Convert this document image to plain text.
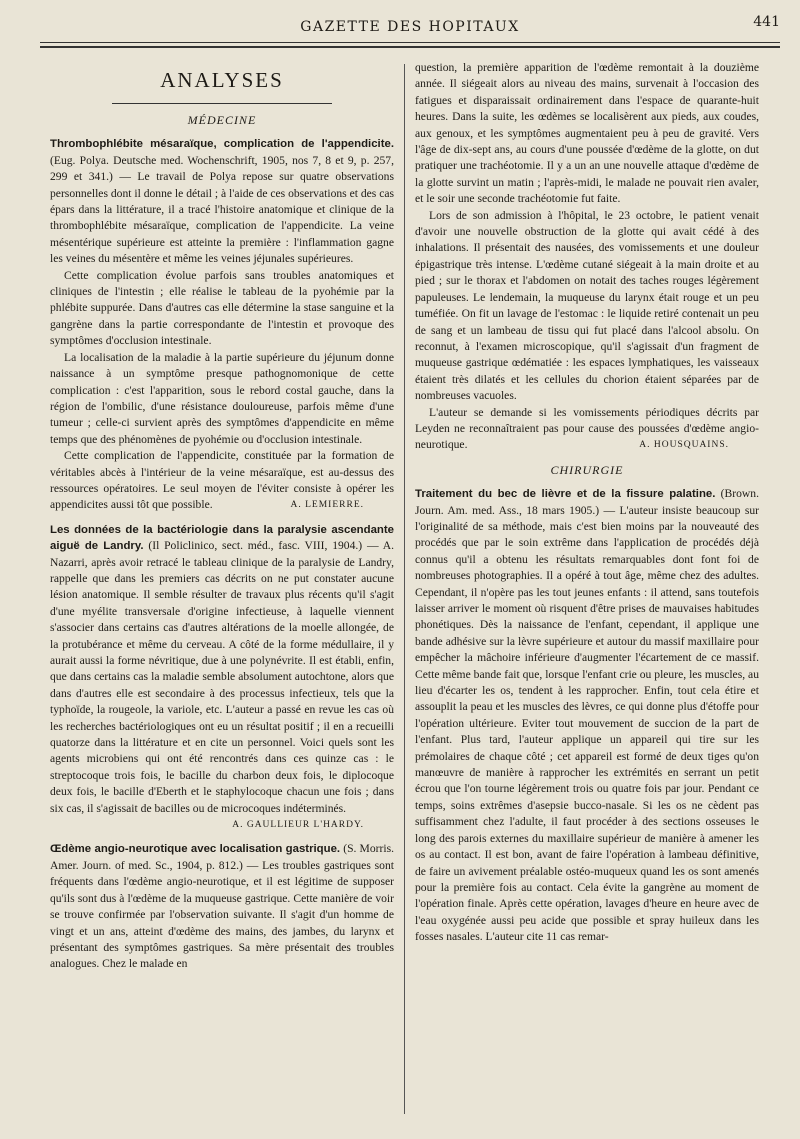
GAZETTE DES HOPITAUX	441
ANALYSES
MÉDECINE

Thrombophlébite mésaraïque, complication de l'appendicite. (Eug. Polya. Deutsche med. Wochenschrift, 1905, nos 7, 8 et 9, p. 257, 299 et 341.) — Le travail de Polya repose sur quatre observations personnelles dont il donne le détail ; à l'aide de ces observations et des cas épars dans la littérature, il a tracé l'histoire anatomique et clinique de la thrombophlébite mésaraïque, complication de l'appendicite. La veine mésentérique supérieure est atteinte la première : l'inflammation gagne les veines du mésentère et même les veines jéjunales supérieures.

Cette complication évolue parfois sans troubles anatomiques et cliniques de l'intestin ; elle réalise le tableau de la pyohémie par la phlébite suppurée. Dans d'autres cas elle détermine la stase sanguine et la gangrène dans la partie correspondante de l'intestin et provoque des symptômes d'occlusion intestinale.

La localisation de la maladie à la partie supérieure du jéjunum donne naissance à un symptôme presque pathognomonique de cette complication : c'est l'apparition, sous le rebord costal gauche, dans la région de l'ombilic, d'une résistance douloureuse, parfois même d'une tumeur ; celle-ci survient après des symptômes d'appendicite en même temps que des phénomènes de pyohémie ou d'occlusion intestinale.

Cette complication de l'appendicite, constituée par la formation de véritables abcès à l'intérieur de la veine mésaraïque, est au-dessus des ressources opératoires. Le seul moyen de l'éviter consiste à opérer les appendicites aussi tôt que possible.	A. LEMIERRE.

Les données de la bactériologie dans la paralysie ascendante aiguë de Landry. (Il Policlinico, sect. méd., fasc. VIII, 1904.) — A. Nazarri, après avoir retracé le tableau clinique de la paralysie de Landry, rappelle que dans les premiers cas décrits on ne put constater aucune lésion anatomique. Il semble résulter de travaux plus récents qu'il s'agit d'une myélite transversale d'origine infectieuse, à laquelle viennent s'associer dans certains cas d'autres altérations de la moelle allongée, de la protubérance et même du cerveau. A côté de la forme médullaire, il y aurait aussi la forme névritique, due à une polynévrite. Il est établi, enfin, que dans certains cas la maladie semble absolument autochtone, alors que dans d'autres elle est secondaire à des processus infectieux, tels que la typhoïde, la rougeole, la variole, etc. L'auteur a passé en revue les cas où les recherches bactériologiques ont eu un résultat positif ; il en a recueilli quatorze dans la littérature et en cite un personnel. Voici quels sont les agents microbiens qui ont été rencontrés dans ces quinze cas : le streptocoque trois fois, le bacille du charbon deux fois, le diplocoque deux fois, le bacille d'Eberth et le staphylocoque chacun une fois ; dans six cas, il s'agissait de bacilles ou de microcoques indéterminés.
A. GAULLIEUR L'HARDY.

Œdème angio-neurotique avec localisation gastrique. (S. Morris. Amer. Journ. of med. Sc., 1904, p. 812.) — Les troubles gastriques sont fréquents dans l'œdème angio-neurotique, et il est légitime de supposer qu'ils sont dus à l'œdème de la muqueuse gastrique. Cette manière de voir se trouve confirmée par l'observation suivante. Il s'agit d'un homme de vingt et un ans, atteint d'œdème des mains, des jambes, du larynx et présentant des symptômes gastriques. Sa mère présentait des troubles analogues. Chez le malade en

question, la première apparition de l'œdème remontait à la douzième année. Il siégeait alors au niveau des mains, survenait à l'occasion des fatigues et disparaissait ordinairement dans l'espace de quarante-huit heures. Dans la suite, les œdèmes se localisèrent aux pieds, aux coudes, aux genoux, et les symptômes augmentaient peu à peu de gravité. Vers l'âge de dix-sept ans, au cours d'une poussée d'œdème de la glotte, on dut pratiquer une trachéotomie. Il y a un an une nouvelle attaque d'œdème de la glotte survint un matin ; l'après-midi, le malade ne pouvait rien avaler, et le soir une seconde trachéotomie fut faite.

Lors de son admission à l'hôpital, le 23 octobre, le patient venait d'avoir une nouvelle obstruction de la glotte qui avait cédé à des inhalations. Il présentait des nausées, des vomissements et une douleur épigastrique très intense. L'œdème cutané siégeait à la main droite et au pied ; sur le thorax et l'abdomen on notait des taches rouges légèrement papuleuses. Le lendemain, la muqueuse du larynx était rouge et un peu tuméfiée. On fit un lavage de l'estomac : le liquide retiré contenait un peu de sang et un lambeau de tissu qui fut placé dans l'alcool absolu. On reconnut, à l'examen microscopique, qu'il s'agissait d'un fragment de muqueuse gastrique œdématiée : les espaces lymphatiques, les vaisseaux étaient très dilatés et les cellules du chorion étaient séparées par de nombreuses vacuoles.

L'auteur se demande si les vomissements périodiques décrits par Leyden ne reconnaîtraient pas pour cause des poussées d'œdème angio-neurotique.	A. HOUSQUAINS.

CHIRURGIE

Traitement du bec de lièvre et de la fissure palatine. (Brown. Journ. Am. med. Ass., 18 mars 1905.) — L'auteur insiste beaucoup sur l'originalité de sa méthode, mais c'est bien moins par la nouveauté des procédés que par le soin extrême dans l'application de procédés déjà connus qu'il a obtenu les résultats remarquables dont font foi de nombreuses photographies. Il a opéré à tout âge, même chez des adultes. Cependant, il n'opère pas les tout jeunes enfants : il attend, sans toutefois laisser arriver le moment où risquent d'être prises de mauvaises habitudes phonétiques. Dès la naissance de l'enfant, cependant, il applique une bande adhésive sur la lèvre supérieure et autour du massif maxillaire pour empêcher la mâchoire inférieure d'augmenter l'écartement de ce massif. Cette même bande fait que, lorsque l'enfant crie ou pleure, les muscles, au lieu d'écarter les os, tendent à les rapprocher. Enfin, tout cela étire et assouplit la peau et les muscles des lèvres, ce qui donne plus d'étoffe pour l'opération ultérieure. Eviter tout mouvement de succion de la part de l'enfant. Plus tard, l'auteur applique un appareil qui tire sur les prémolaires de chaque côté ; cet appareil est formé de deux tiges qu'on manœuvre de manière à rapprocher les extrémités en serrant un petit écrou que l'on tourne légèrement trois ou quatre fois par jour. Pendant ce temps, soins extrêmes d'asepsie bucco-nasale. Si les os ne cèdent pas suffisamment chez l'adulte, il faut procéder à des sections osseuses le long des parois externes du maxillaire supérieur de manière à amener les os au contact. Il est bon, avant de faire l'opération à lambeau définitive, de faire un avivement préalable ostéo-muqueux quand les os sont amenés pour la première fois au contact. Cela évite la gangrène au moment de l'opération finale. Après cette opération, lavages d'heure en heure avec de l'eau oxygénée aussi peu acide que possible et spray huileux dans les fosses nasales. L'auteur cite 11 cas remar-
